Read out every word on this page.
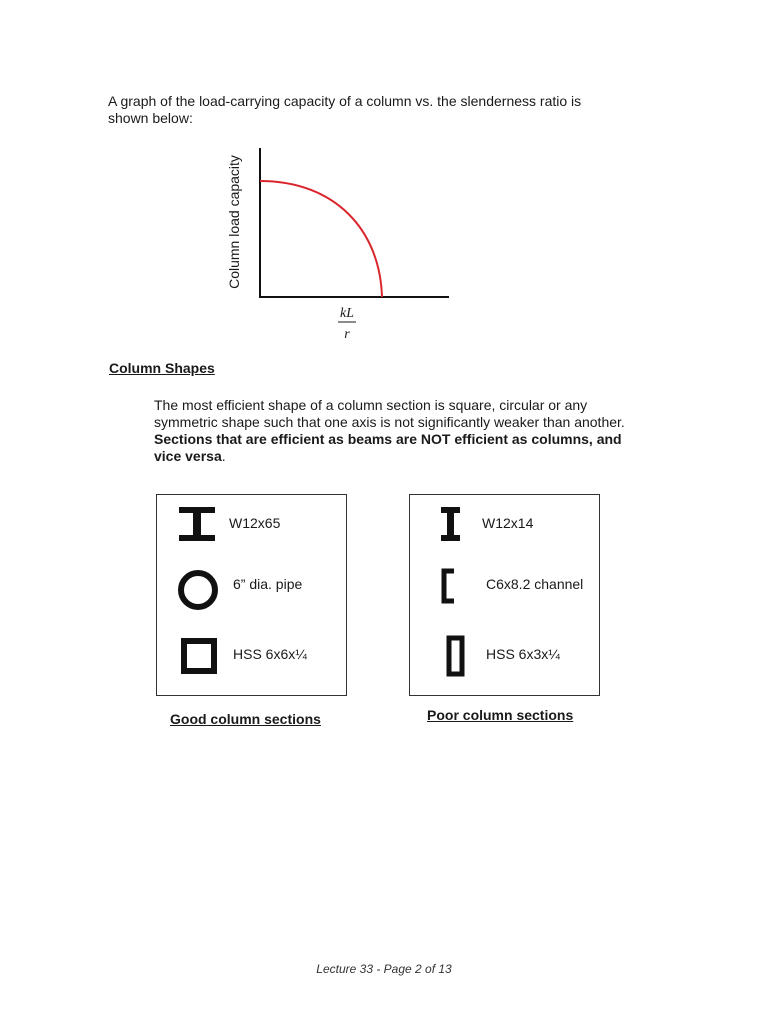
A graph of the load-carrying capacity of a column vs. the slenderness ratio is
shown below:
Column load capacity
kL
r
Column Shapes
The most efficient shape of a column section is square, circular or any symmetric shape such that one axis is not significantly weaker than another. Sections that are efficient as beams are NOT efficient as columns, and vice versa.
W12x65
6” dia. pipe
HSS 6x6x¼
Good column sections
W12x14
C6x8.2 channel
HSS 6x3x¼
Poor column sections
Lecture 33 - Page 2 of 13
